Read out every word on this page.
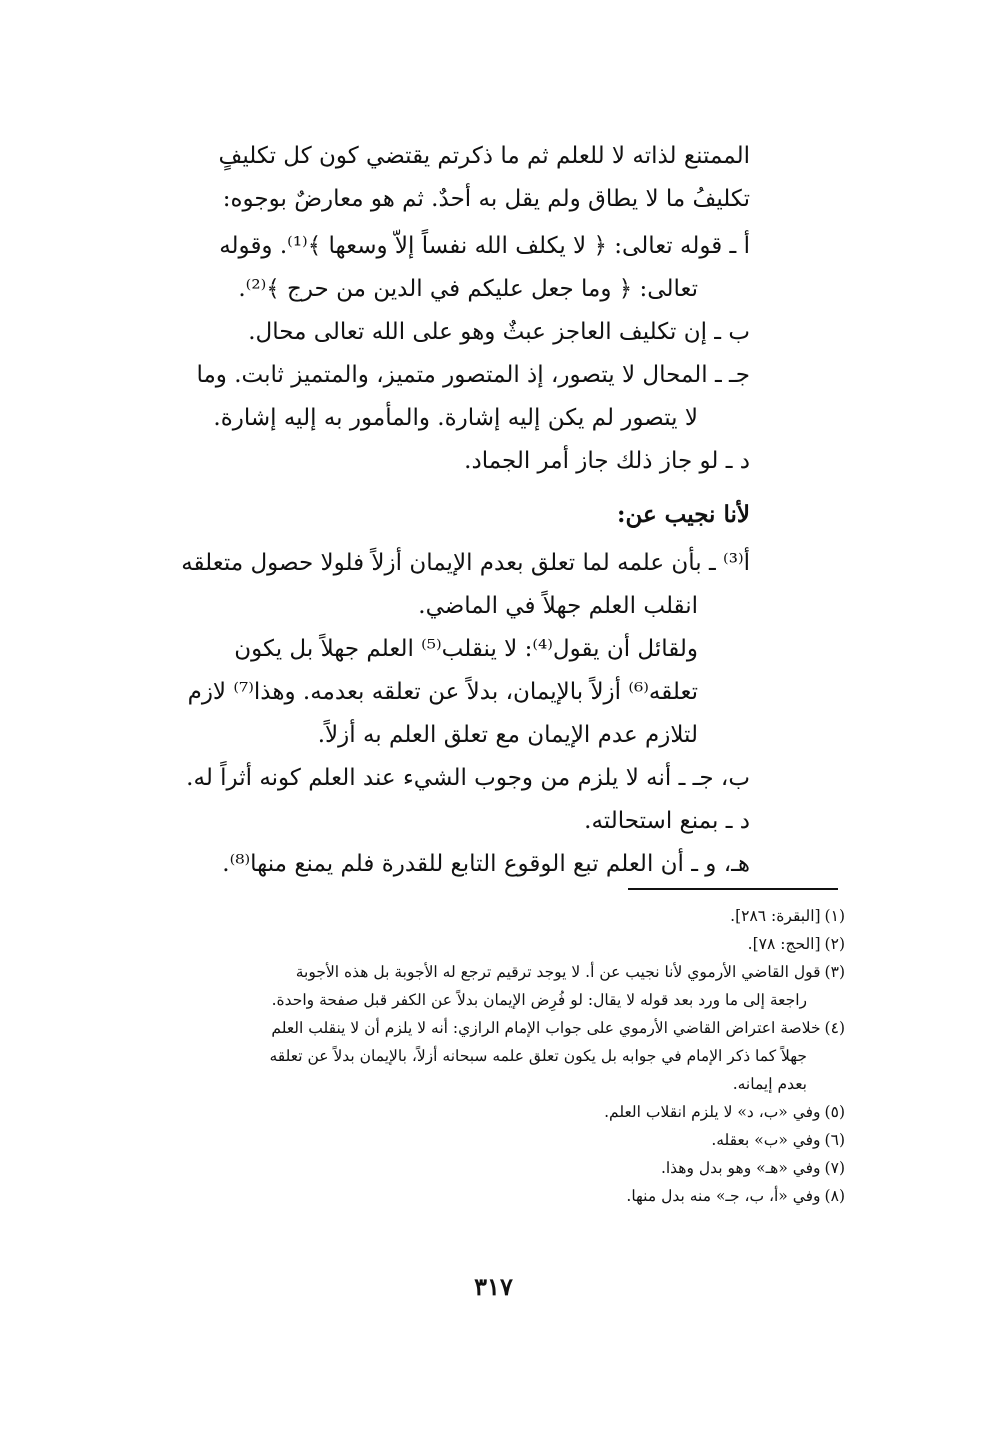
الممتنع لذاته لا للعلم ثم ما ذكرتم يقتضي كون كل تكليفٍ

تكليفُ ما لا يطاق ولم يقل به أحدٌ. ثم هو معارضٌ بوجوه:

أ ـ قوله تعالى: ﴿ لا يكلف الله نفساً إلاّ وسعها ﴾⁽¹⁾. وقوله

تعالى: ﴿ وما جعل عليكم في الدين من حرج ﴾⁽²⁾.

ب ـ إن تكليف العاجز عبثٌ وهو على الله تعالى محال.

جـ ـ المحال لا يتصور، إذ المتصور متميز، والمتميز ثابت. وما

لا يتصور لم يكن إليه إشارة. والمأمور به إليه إشارة.

د ـ لو جاز ذلك جاز أمر الجماد.

لأنا نجيب عن:

أ⁽³⁾ ـ بأن علمه لما تعلق بعدم الإيمان أزلاً فلولا حصول متعلقه

انقلب العلم جهلاً في الماضي.

ولقائل أن يقول⁽⁴⁾: لا ينقلب⁽⁵⁾ العلم جهلاً بل يكون

تعلقه⁽⁶⁾ أزلاً بالإيمان، بدلاً عن تعلقه بعدمه. وهذا⁽⁷⁾ لازم

لتلازم عدم الإيمان مع تعلق العلم به أزلاً.

ب، جـ ـ أنه لا يلزم من وجوب الشيء عند العلم كونه أثراً له.

د ـ بمنع استحالته.

هـ، و ـ أن العلم تبع الوقوع التابع للقدرة فلم يمنع منها⁽⁸⁾.

(١)[البقرة: ٢٨٦].

(٢)[الحج: ٧٨].

(٣)قول القاضي الأرموي لأنا نجيب عن أ. لا يوجد ترقيم ترجع له الأجوبة بل هذه الأجوبة
راجعة إلى ما ورد بعد قوله لا يقال: لو فُرِض الإيمان بدلاً عن الكفر قبل صفحة واحدة.

(٤)خلاصة اعتراض القاضي الأرموي على جواب الإمام الرازي: أنه لا يلزم أن لا ينقلب العلم
جهلاً كما ذكر الإمام في جوابه بل يكون تعلق علمه سبحانه أزلاً، بالإيمان بدلاً عن تعلقه
بعدم إيمانه.

(٥)وفي «ب، د» لا يلزم انقلاب العلم.

(٦)وفي «ب» بعقله.

(٧)وفي «هـ» وهو بدل وهذا.

(٨)وفي «أ، ب، جـ» منه بدل منها.

٣١٧
